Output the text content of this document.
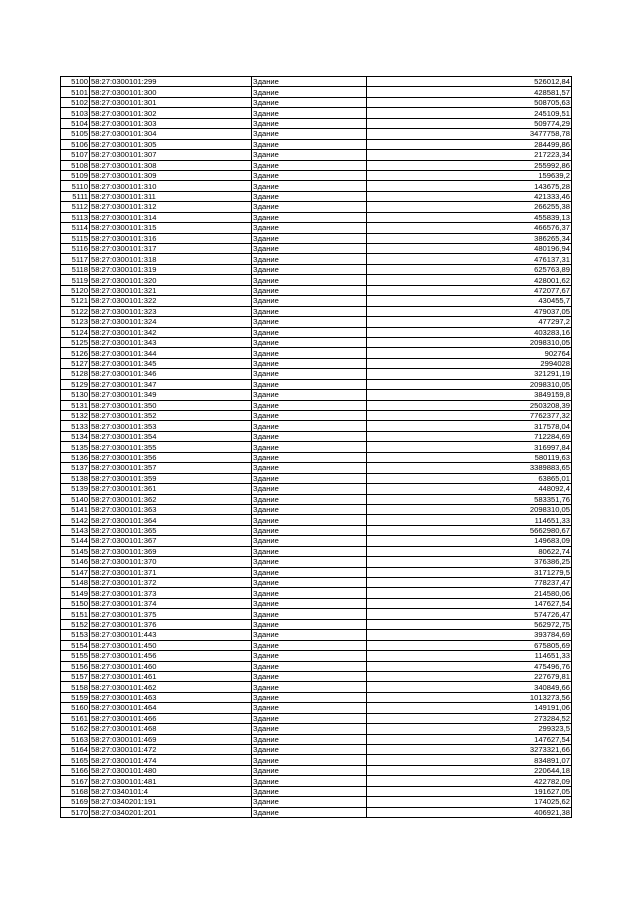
5100	58:27:0300101:299	Здание	526012,84
5101	58:27:0300101:300	Здание	428581,57
5102	58:27:0300101:301	Здание	508705,63
5103	58:27:0300101:302	Здание	245109,51
5104	58:27:0300101:303	Здание	509774,29
5105	58:27:0300101:304	Здание	3477758,78
5106	58:27:0300101:305	Здание	284499,86
5107	58:27:0300101:307	Здание	217223,34
5108	58:27:0300101:308	Здание	255992,86
5109	58:27:0300101:309	Здание	159639,2
5110	58:27:0300101:310	Здание	143675,28
5111	58:27:0300101:311	Здание	421333,46
5112	58:27:0300101:312	Здание	266255,38
5113	58:27:0300101:314	Здание	455839,13
5114	58:27:0300101:315	Здание	466576,37
5115	58:27:0300101:316	Здание	386265,34
5116	58:27:0300101:317	Здание	480196,94
5117	58:27:0300101:318	Здание	476137,31
5118	58:27:0300101:319	Здание	625763,89
5119	58:27:0300101:320	Здание	428001,62
5120	58:27:0300101:321	Здание	472077,67
5121	58:27:0300101:322	Здание	430455,7
5122	58:27:0300101:323	Здание	479037,05
5123	58:27:0300101:324	Здание	477297,2
5124	58:27:0300101:342	Здание	403283,16
5125	58:27:0300101:343	Здание	2098310,05
5126	58:27:0300101:344	Здание	902764
5127	58:27:0300101:345	Здание	2994028
5128	58:27:0300101:346	Здание	321291,19
5129	58:27:0300101:347	Здание	2098310,05
5130	58:27:0300101:349	Здание	3849159,8
5131	58:27:0300101:350	Здание	2503208,39
5132	58:27:0300101:352	Здание	7762377,32
5133	58:27:0300101:353	Здание	317578,04
5134	58:27:0300101:354	Здание	712284,69
5135	58:27:0300101:355	Здание	316997,84
5136	58:27:0300101:356	Здание	580119,63
5137	58:27:0300101:357	Здание	3389883,65
5138	58:27:0300101:359	Здание	63865,01
5139	58:27:0300101:361	Здание	448092,4
5140	58:27:0300101:362	Здание	583351,76
5141	58:27:0300101:363	Здание	2098310,05
5142	58:27:0300101:364	Здание	114651,33
5143	58:27:0300101:365	Здание	5662980,67
5144	58:27:0300101:367	Здание	149683,09
5145	58:27:0300101:369	Здание	80622,74
5146	58:27:0300101:370	Здание	376386,25
5147	58:27:0300101:371	Здание	3171279,5
5148	58:27:0300101:372	Здание	778237,47
5149	58:27:0300101:373	Здание	214580,06
5150	58:27:0300101:374	Здание	147627,54
5151	58:27:0300101:375	Здание	574726,47
5152	58:27:0300101:376	Здание	562972,75
5153	58:27:0300101:443	Здание	393784,69
5154	58:27:0300101:450	Здание	675805,69
5155	58:27:0300101:456	Здание	114651,33
5156	58:27:0300101:460	Здание	475496,76
5157	58:27:0300101:461	Здание	227679,81
5158	58:27:0300101:462	Здание	340849,66
5159	58:27:0300101:463	Здание	1013273,56
5160	58:27:0300101:464	Здание	149191,06
5161	58:27:0300101:466	Здание	273284,52
5162	58:27:0300101:468	Здание	299323,5
5163	58:27:0300101:469	Здание	147627,54
5164	58:27:0300101:472	Здание	3273321,66
5165	58:27:0300101:474	Здание	834891,07
5166	58:27:0300101:480	Здание	220644,18
5167	58:27:0300101:481	Здание	422782,09
5168	58:27:0340101:4	Здание	191627,05
5169	58:27:0340201:191	Здание	174025,62
5170	58:27:0340201:201	Здание	406921,38
